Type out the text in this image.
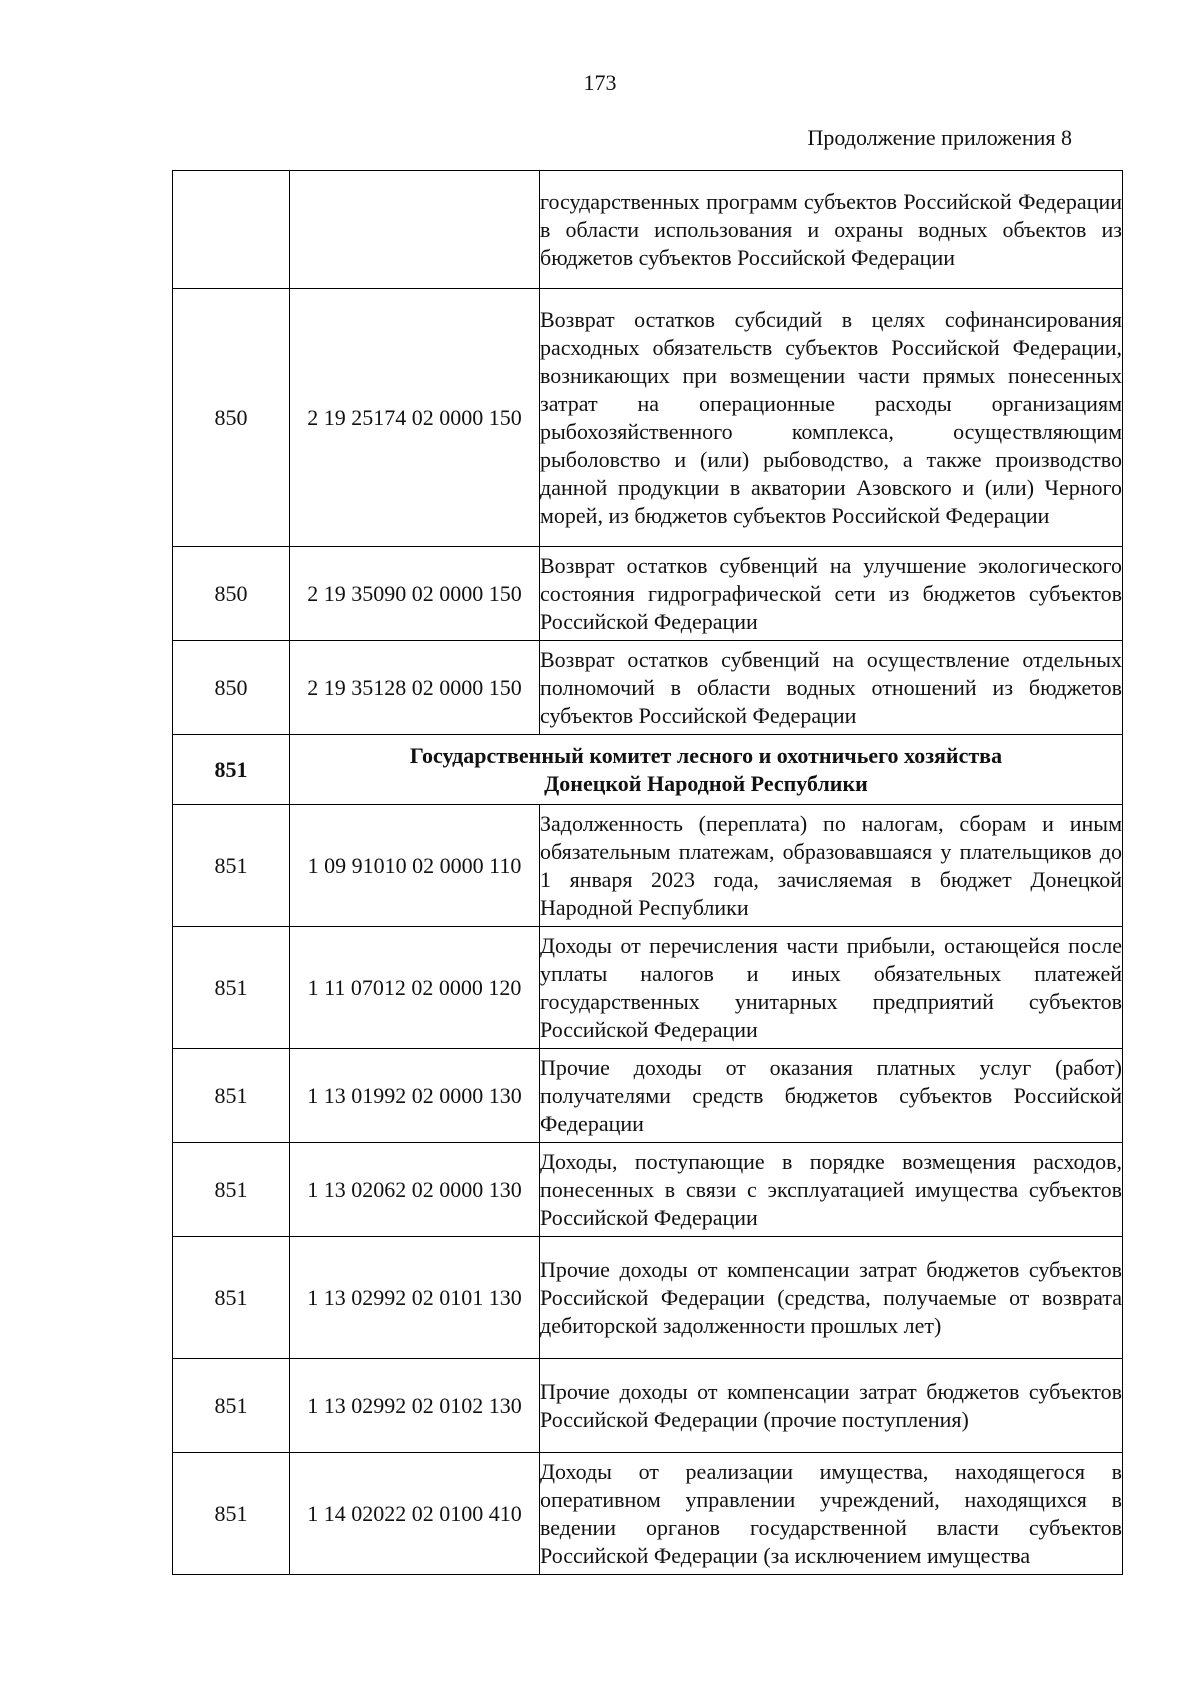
173
Продолжение приложения 8
		государственных программ субъектов Российской Федерации в области использования и охраны водных объектов из бюджетов субъектов Российской Федерации
850	2 19 25174 02 0000 150	Возврат остатков субсидий в целях софинансирования расходных обязательств субъектов Российской Федерации, возникающих при возмещении части прямых понесенных затрат на операционные расходы организациям рыбохозяйственного комплекса, осуществляющим рыболовство и (или) рыбоводство, а также производство данной продукции в акватории Азовского и (или) Черного морей, из бюджетов субъектов Российской Федерации
850	2 19 35090 02 0000 150	Возврат остатков субвенций на улучшение экологического состояния гидрографической сети из бюджетов субъектов Российской Федерации
850	2 19 35128 02 0000 150	Возврат остатков субвенций на осуществление отдельных полномочий в области водных отношений из бюджетов субъектов Российской Федерации
851	Государственный комитет лесного и охотничьего хозяйства
Донецкой Народной Республики	

851	1 09 91010 02 0000 110	Задолженность (переплата) по налогам, сборам и иным обязательным платежам, образовавшаяся у плательщиков до 1 января 2023 года, зачисляемая в бюджет Донецкой Народной Республики
851	1 11 07012 02 0000 120	Доходы от перечисления части прибыли, остающейся после уплаты налогов и иных обязательных платежей государственных унитарных предприятий субъектов Российской Федерации
851	1 13 01992 02 0000 130	Прочие доходы от оказания платных услуг (работ) получателями средств бюджетов субъектов Российской Федерации
851	1 13 02062 02 0000 130	Доходы, поступающие в порядке возмещения расходов, понесенных в связи с эксплуатацией имущества субъектов Российской Федерации
851	1 13 02992 02 0101 130	Прочие доходы от компенсации затрат бюджетов субъектов Российской Федерации (средства, получаемые от возврата дебиторской задолженности прошлых лет)
851	1 13 02992 02 0102 130	Прочие доходы от компенсации затрат бюджетов субъектов Российской Федерации (прочие поступления)
851	1 14 02022 02 0100 410	Доходы от реализации имущества, находящегося в оперативном управлении учреждений, находящихся в ведении органов государственной власти субъектов Российской Федерации (за исключением имущества
